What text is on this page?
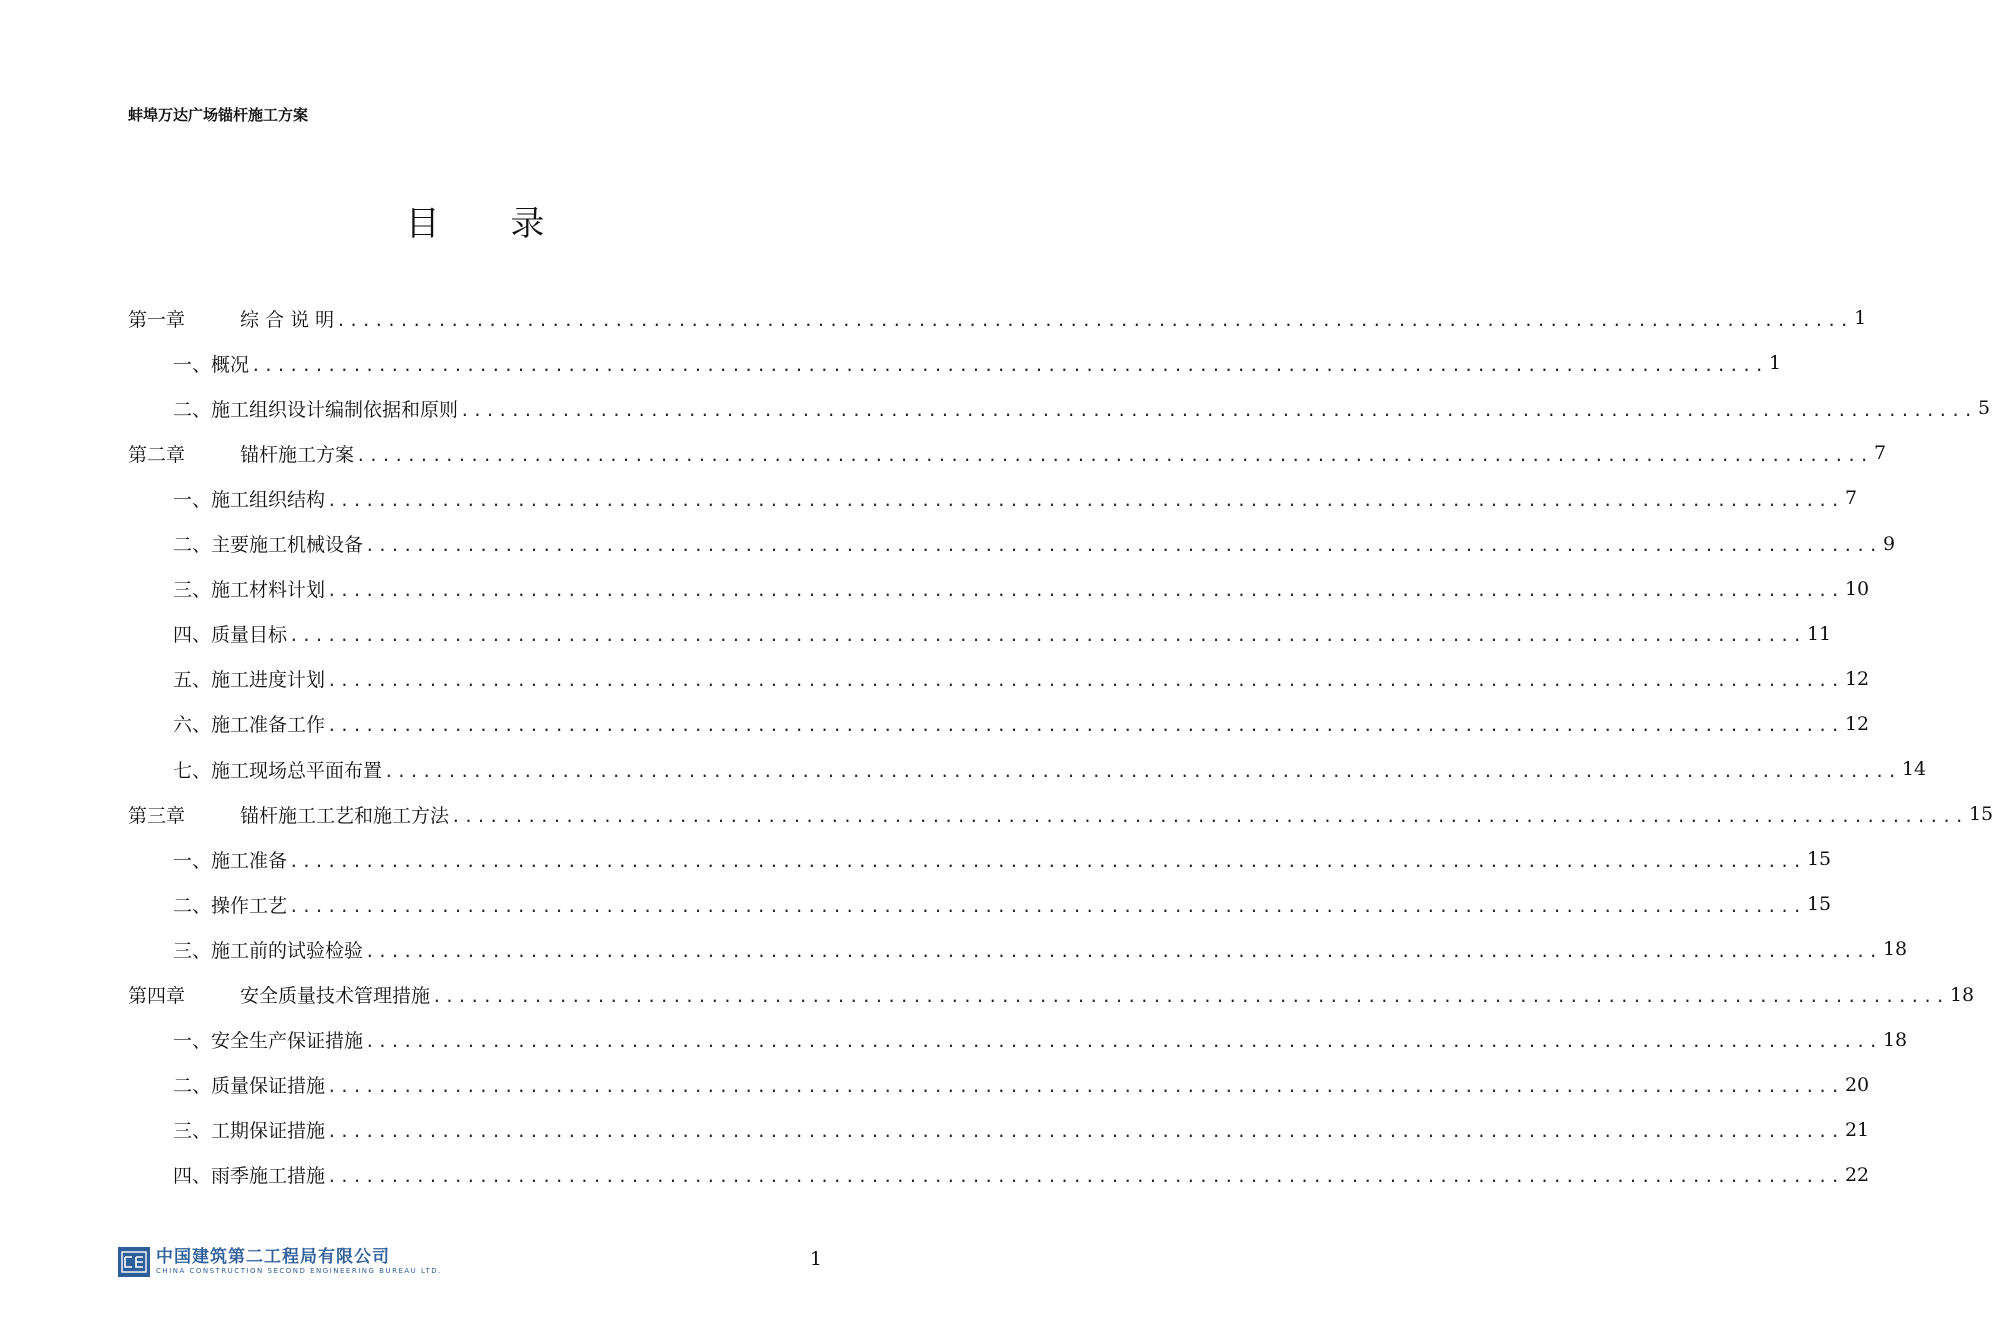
蚌埠万达广场锚杆施工方案
目 录
第一章	综 合 说 明 ........................................................................................................................ 1
一、概况 ........................................................................................................................ 1
二、施工组织设计编制依据和原则 ........................................................................................................................ 5
第二章	锚杆施工方案 ........................................................................................................................ 7
一、施工组织结构 ........................................................................................................................ 7
二、主要施工机械设备 ........................................................................................................................ 9
三、施工材料计划 ........................................................................................................................ 10
四、质量目标 ........................................................................................................................ 11
五、施工进度计划 ........................................................................................................................ 12
六、施工准备工作 ........................................................................................................................ 12
七、施工现场总平面布置 ........................................................................................................................ 14
第三章	锚杆施工工艺和施工方法 ........................................................................................................................ 15
一、施工准备 ........................................................................................................................ 15
二、操作工艺 ........................................................................................................................ 15
三、施工前的试验检验 ........................................................................................................................ 18
第四章	安全质量技术管理措施 ........................................................................................................................ 18
一、安全生产保证措施 ........................................................................................................................ 18
二、质量保证措施 ........................................................................................................................ 20
三、工期保证措施 ........................................................................................................................ 21
四、雨季施工措施 ........................................................................................................................ 22
中国建筑第二工程局有限公司
CHINA CONSTRUCTION SECOND ENGINEERING BUREAU LTD.
1
